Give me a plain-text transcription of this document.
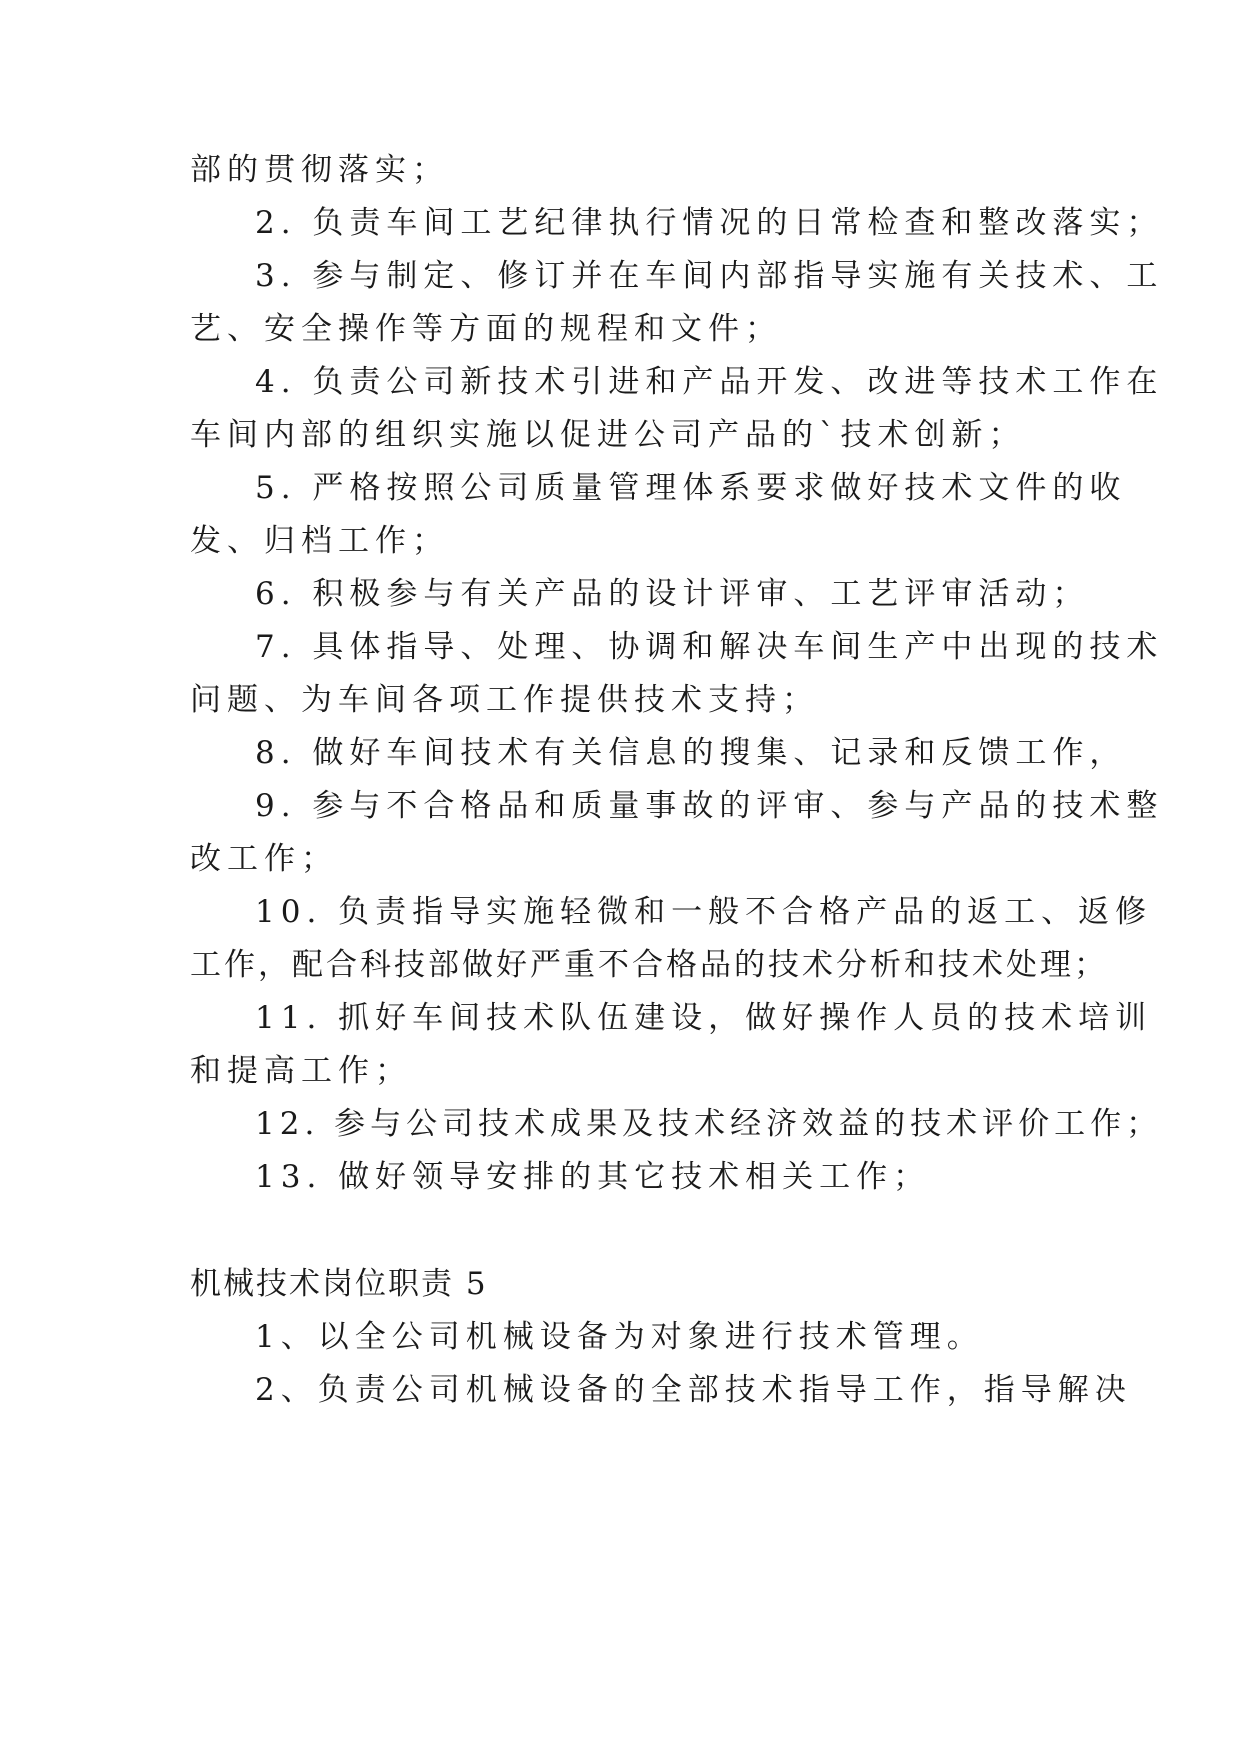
部的贯彻落实；
2. 负责车间工艺纪律执行情况的日常检查和整改落实；
3. 参与制定、修订并在车间内部指导实施有关技术、工
艺、安全操作等方面的规程和文件；
4. 负责公司新技术引进和产品开发、改进等技术工作在
车间内部的组织实施以促进公司产品的`技术创新；
5. 严格按照公司质量管理体系要求做好技术文件的收
发、归档工作；
6. 积极参与有关产品的设计评审、工艺评审活动；
7. 具体指导、处理、协调和解决车间生产中出现的技术
问题、为车间各项工作提供技术支持；
8. 做好车间技术有关信息的搜集、记录和反馈工作，
9. 参与不合格品和质量事故的评审、参与产品的技术整
改工作；
10. 负责指导实施轻微和一般不合格产品的返工、返修
工作，配合科技部做好严重不合格品的技术分析和技术处理；
11. 抓好车间技术队伍建设，做好操作人员的技术培训
和提高工作；
12. 参与公司技术成果及技术经济效益的技术评价工作；
13. 做好领导安排的其它技术相关工作；
机械技术岗位职责 5
1、以全公司机械设备为对象进行技术管理。
2、负责公司机械设备的全部技术指导工作，指导解决
